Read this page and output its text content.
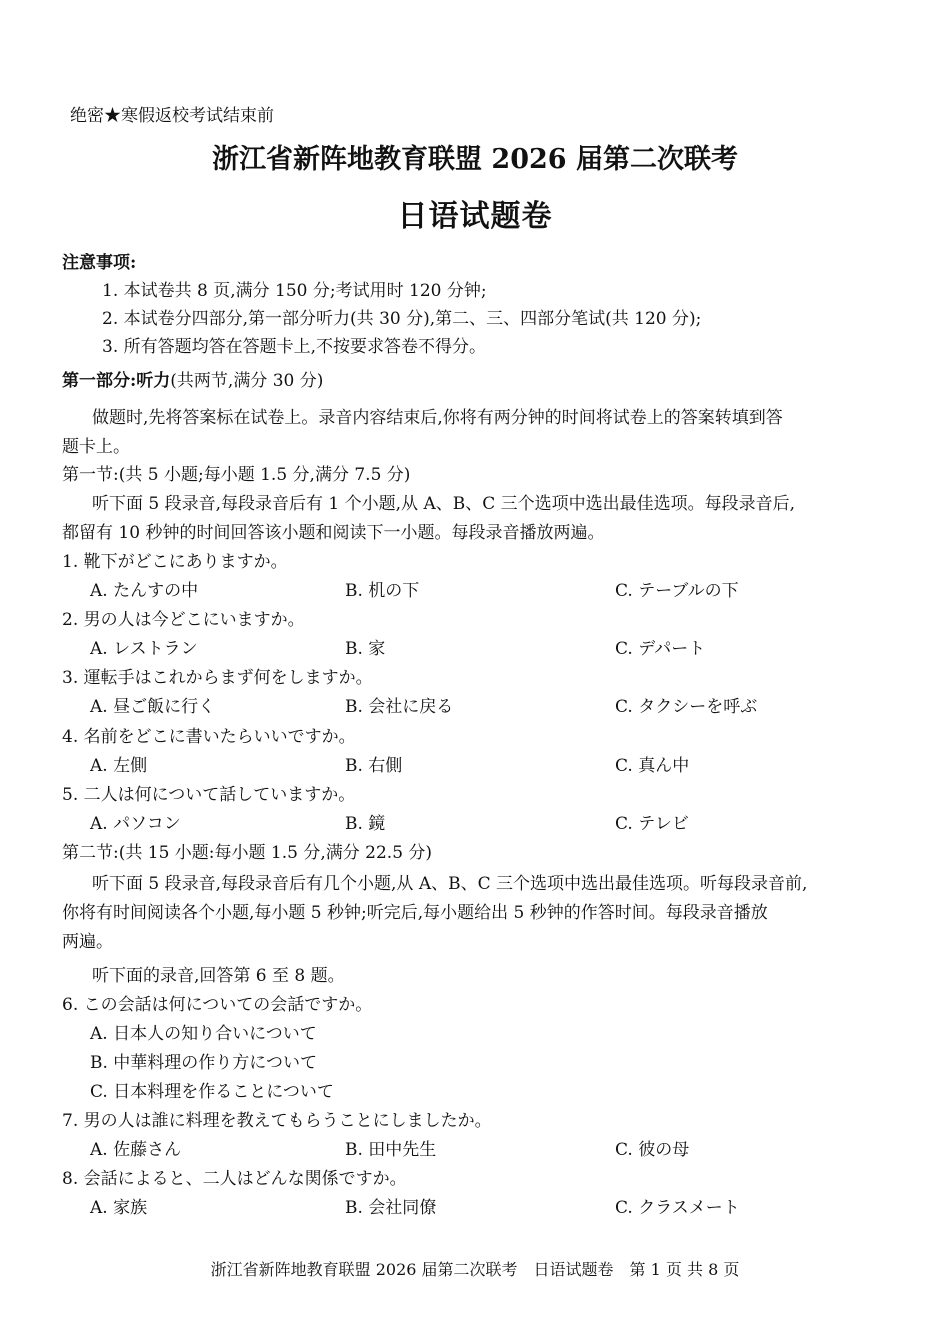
绝密★寒假返校考试结束前
浙江省新阵地教育联盟 2026 届第二次联考
日语试题卷
注意事项:
1. 本试卷共 8 页,满分 150 分;考试用时 120 分钟;
2. 本试卷分四部分,第一部分听力(共 30 分),第二、三、四部分笔试(共 120 分);
3. 所有答题均答在答题卡上,不按要求答卷不得分。
第一部分:听力(共两节,满分 30 分)
做题时,先将答案标在试卷上。录音内容结束后,你将有两分钟的时间将试卷上的答案转填到答
题卡上。
第一节:(共 5 小题;每小题 1.5 分,满分 7.5 分)
听下面 5 段录音,每段录音后有 1 个小题,从 A、B、C 三个选项中选出最佳选项。每段录音后,
都留有 10 秒钟的时间回答该小题和阅读下一小题。每段录音播放两遍。
1. 靴下がどこにありますか。
A. たんすの中	B. 机の下	C. テーブルの下
2. 男の人は今どこにいますか。
A. レストラン	B. 家	C. デパート
3. 運転手はこれからまず何をしますか。
A. 昼ご飯に行く	B. 会社に戻る	C. タクシーを呼ぶ
4. 名前をどこに書いたらいいですか。
A. 左側	B. 右側	C. 真ん中
5. 二人は何について話していますか。
A. パソコン	B. 鏡	C. テレビ
第二节:(共 15 小题:每小题 1.5 分,满分 22.5 分)
听下面 5 段录音,每段录音后有几个小题,从 A、B、C 三个选项中选出最佳选项。听每段录音前,
你将有时间阅读各个小题,每小题 5 秒钟;听完后,每小题给出 5 秒钟的作答时间。每段录音播放
两遍。
听下面的录音,回答第 6 至 8 题。
6. この会話は何についての会話ですか。
A. 日本人の知り合いについて
B. 中華料理の作り方について
C. 日本料理を作ることについて
7. 男の人は誰に料理を教えてもらうことにしましたか。
A. 佐藤さん	B. 田中先生	C. 彼の母
8. 会話によると、二人はどんな関係ですか。
A. 家族	B. 会社同僚	C. クラスメート
浙江省新阵地教育联盟 2026 届第二次联考　日语试题卷　第 1 页 共 8 页
